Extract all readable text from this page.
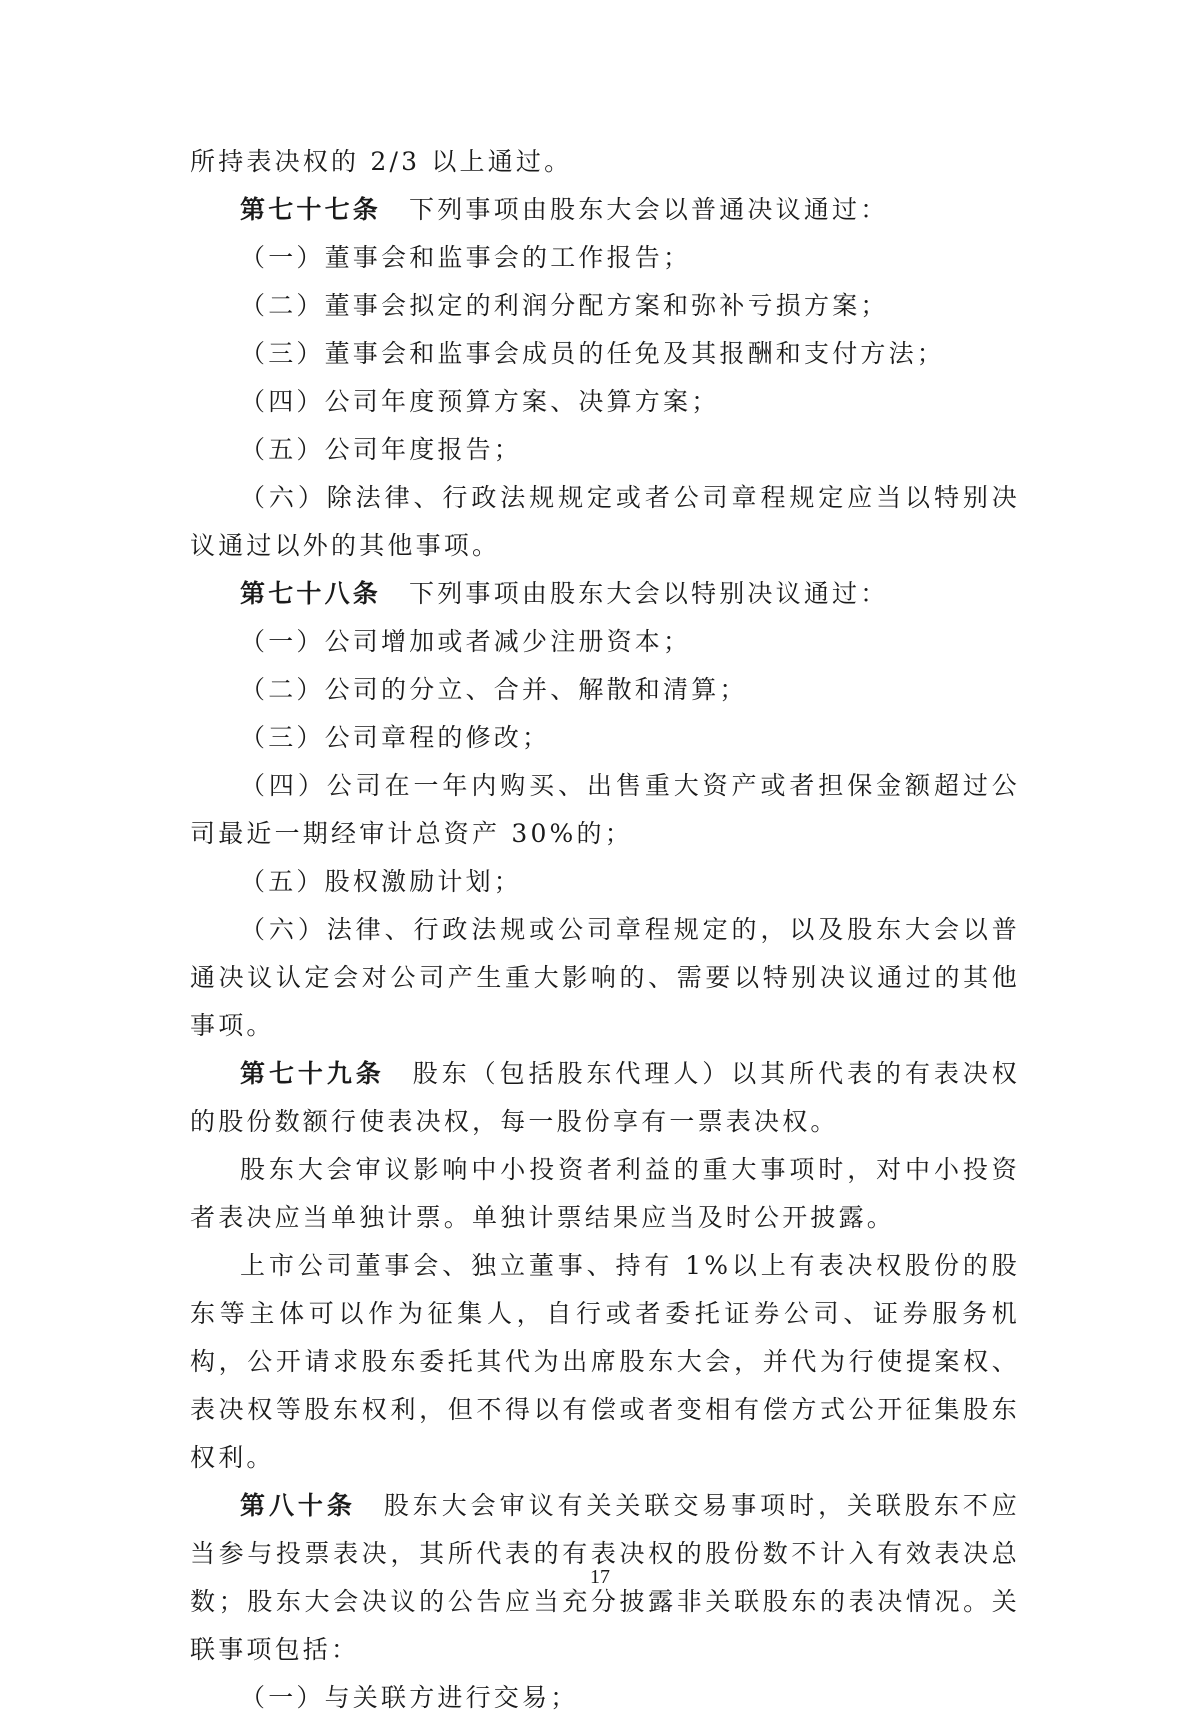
所持表决权的 2/3 以上通过。

第七十七条 下列事项由股东大会以普通决议通过：

（一）董事会和监事会的工作报告；

（二）董事会拟定的利润分配方案和弥补亏损方案；

（三）董事会和监事会成员的任免及其报酬和支付方法；

（四）公司年度预算方案、决算方案；

（五）公司年度报告；

（六）除法律、行政法规规定或者公司章程规定应当以特别决议通过以外的其他事项。

第七十八条 下列事项由股东大会以特别决议通过：

（一）公司增加或者减少注册资本；

（二）公司的分立、合并、解散和清算；

（三）公司章程的修改；

（四）公司在一年内购买、出售重大资产或者担保金额超过公司最近一期经审计总资产 30%的；

（五）股权激励计划；

（六）法律、行政法规或公司章程规定的，以及股东大会以普通决议认定会对公司产生重大影响的、需要以特别决议通过的其他事项。

第七十九条 股东（包括股东代理人）以其所代表的有表决权的股份数额行使表决权，每一股份享有一票表决权。

股东大会审议影响中小投资者利益的重大事项时，对中小投资者表决应当单独计票。单独计票结果应当及时公开披露。

上市公司董事会、独立董事、持有 1%以上有表决权股份的股东等主体可以作为征集人，自行或者委托证券公司、证券服务机构，公开请求股东委托其代为出席股东大会，并代为行使提案权、表决权等股东权利，但不得以有偿或者变相有偿方式公开征集股东权利。

第八十条 股东大会审议有关关联交易事项时，关联股东不应当参与投票表决，其所代表的有表决权的股份数不计入有效表决总数；股东大会决议的公告应当充分披露非关联股东的表决情况。关联事项包括：

（一）与关联方进行交易；

17
